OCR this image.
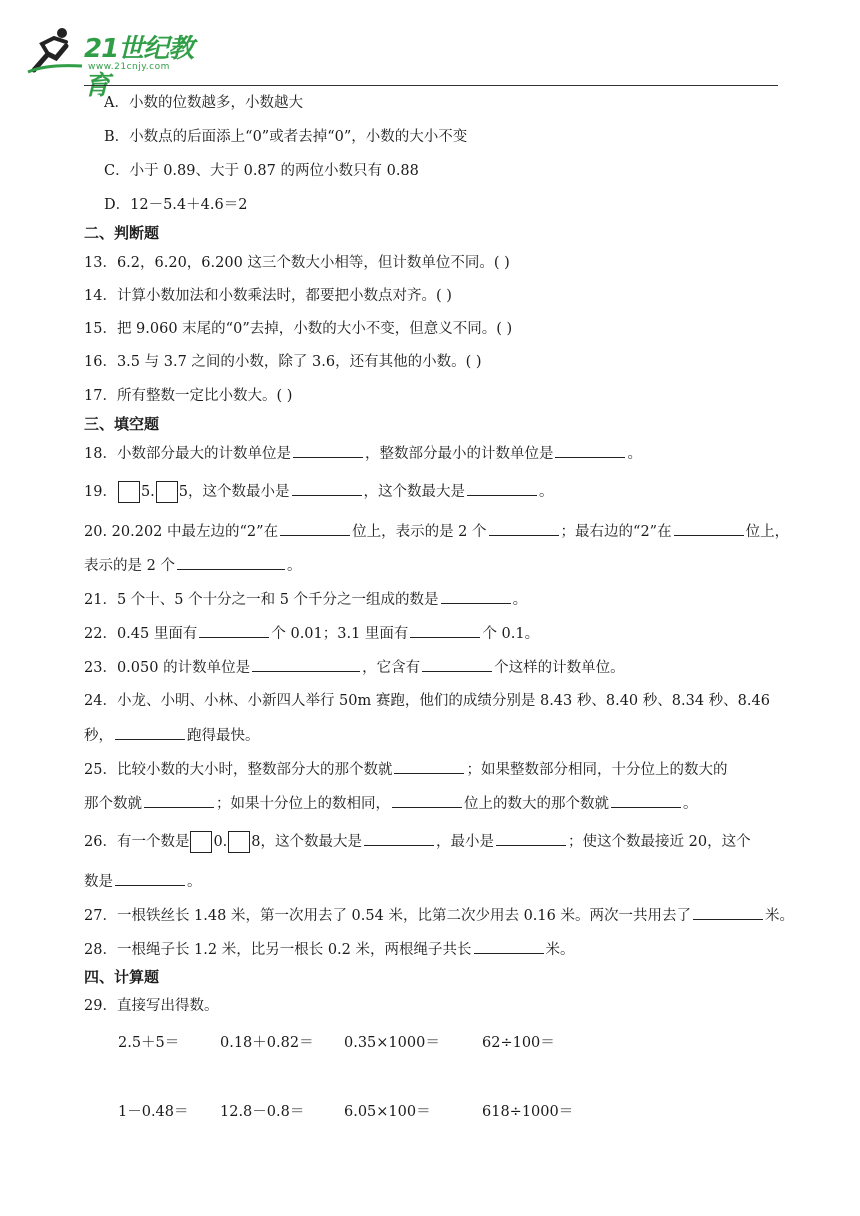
21世纪教育
www.21cnjy.com
A．小数的位数越多，小数越大
B．小数点的后面添上“0”或者去掉“0”，小数的大小不变
C．小于 0.89、大于 0.87 的两位小数只有 0.88
D．12－5.4＋4.6＝2
二、判断题
13．6.2，6.20，6.200 这三个数大小相等，但计数单位不同。( )
14．计算小数加法和小数乘法时，都要把小数点对齐。( )
15．把 9.060 末尾的“0”去掉，小数的大小不变，但意义不同。( )
16．3.5 与 3.7 之间的小数，除了 3.6，还有其他的小数。( )
17．所有整数一定比小数大。( )
三、填空题
18．小数部分最大的计数单位是	，整数部分最小的计数单位是	。
19． 5. 5，这个数最小是	，这个数最大是	。
20. 20.202 中最左边的“2”在	位上，表示的是 2 个	；最右边的“2”在	位上，
表示的是 2 个	。
21．5 个十、5 个十分之一和 5 个千分之一组成的数是	。
22．0.45 里面有	个 0.01；3.1 里面有	个 0.1。
23．0.050 的计数单位是	，它含有	个这样的计数单位。
24．小龙、小明、小林、小新四人举行 50m 赛跑，他们的成绩分别是 8.43 秒、8.40 秒、8.34 秒、8.46
秒，	跑得最快。
25．比较小数的大小时，整数部分大的那个数就	；如果整数部分相同，十分位上的数大的
那个数就	；如果十分位上的数相同，	位上的数大的那个数就	。
26．有一个数是 0. 8，这个数最大是	，最小是	；使这个数最接近 20，这个
数是	。
27．一根铁丝长 1.48 米，第一次用去了 0.54 米，比第二次少用去 0.16 米。两次一共用去了	米。
28．一根绳子长 1.2 米，比另一根长 0.2 米，两根绳子共长	米。
四、计算题
29．直接写出得数。
2.5＋5＝	0.18＋0.82＝ 0.35×1000＝	62÷100＝
1－0.48＝ 12.8－0.8＝	6.05×100＝	618÷1000＝
